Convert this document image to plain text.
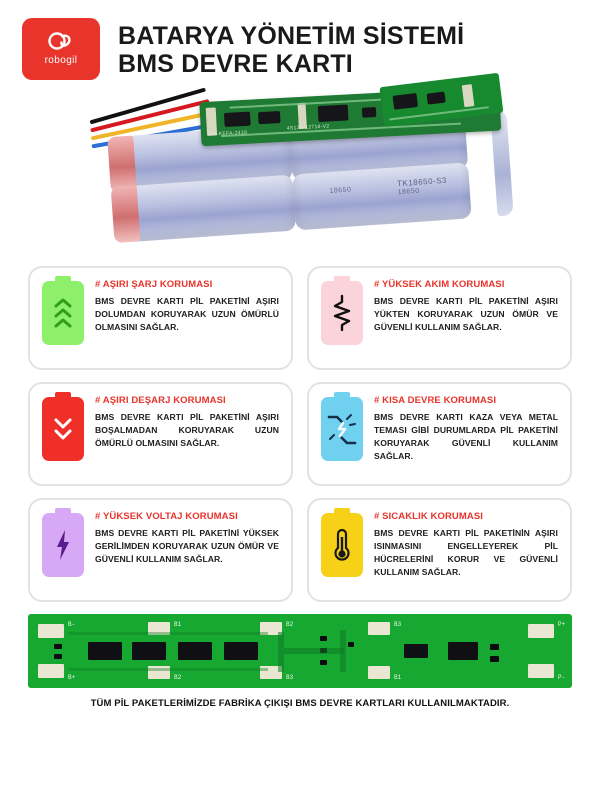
robogil
BATARYA YÖNETİM SİSTEMİ
BMS DEVRE KARTI
18650	18650
4S12A-12718-V2
HH-KEFA-2418
TK18650-S3
# AŞIRI ŞARJ KORUMASI
BMS DEVRE KARTI PİL PAKETİNİ AŞIRI DOLUMDAN KORUYARAK UZUN ÖMÜRLÜ OLMASINI SAĞLAR.
# YÜKSEK AKIM KORUMASI
BMS DEVRE KARTI PİL PAKETİNİ AŞIRI YÜKTEN KORUYARAK UZUN ÖMÜR VE GÜVENLİ KULLANIM SAĞLAR.
# AŞIRI DEŞARJ KORUMASI
BMS DEVRE KARTI PİL PAKETİNİ AŞIRI BOŞALMADAN KORUYARAK UZUN ÖMÜRLÜ OLMASINI SAĞLAR.
# KISA DEVRE KORUMASI
BMS DEVRE KARTI KAZA VEYA METAL TEMASI GİBİ DURUMLARDA PİL PAKETİNİ KORUYARAK GÜVENLİ KULLANIM SAĞLAR.
# YÜKSEK VOLTAJ KORUMASI
BMS DEVRE KARTI PİL PAKETİNİ YÜKSEK GERİLİMDEN KORUYARAK UZUN ÖMÜR VE GÜVENLİ KULLANIM SAĞLAR.
# SICAKLIK KORUMASI
BMS DEVRE KARTI PİL PAKETİNİN AŞIRI ISINMASINI ENGELLEYEREK PİL HÜCRELERİNİ KORUR VE GÜVENLİ KULLANIM SAĞLAR.
B-	B1	B2	B3
B+	B2	B3	B1
P+
P-
TÜM PİL PAKETLERİMİZDE FABRİKA ÇIKIŞI BMS DEVRE KARTLARI KULLANILMAKTADIR.
